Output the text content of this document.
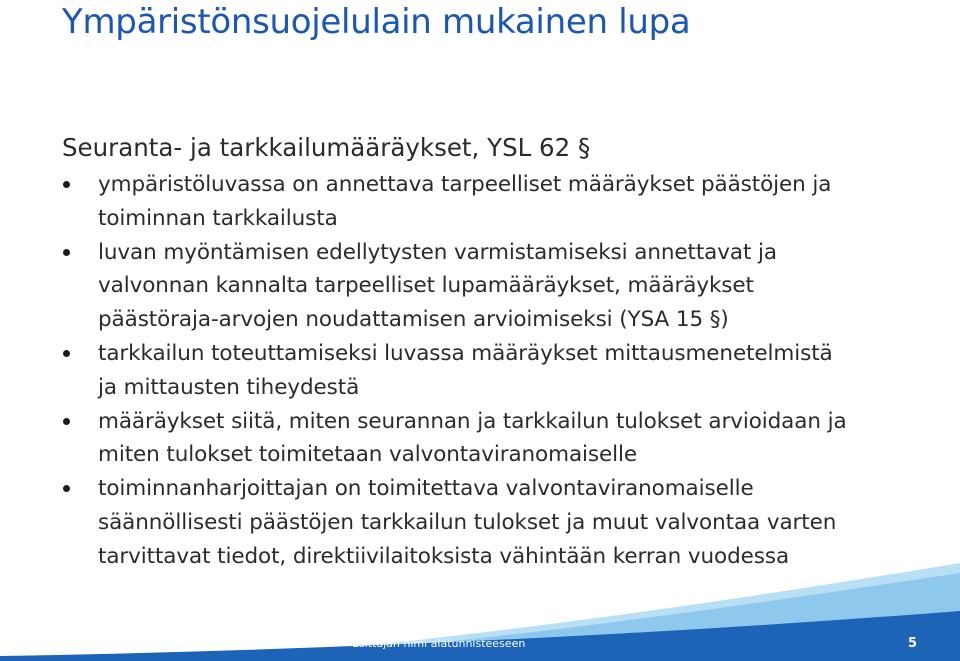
Ympäristönsuojelulain mukainen lupa
Seuranta- ja tarkkailumääräykset, YSL 62 §
ympäristöluvassa on annettava tarpeelliset määräykset päästöjen ja
toiminnan tarkkailusta
luvan myöntämisen edellytysten varmistamiseksi annettavat ja
valvonnan kannalta tarpeelliset lupamääräykset, määräykset
päästöraja-arvojen noudattamisen arvioimiseksi (YSA 15 §)
tarkkailun toteuttamiseksi luvassa määräykset mittausmenetelmistä
ja mittausten tiheydestä
määräykset siitä, miten seurannan ja tarkkailun tulokset arvioidaan ja
miten tulokset toimitetaan valvontaviranomaiselle
toiminnanharjoittajan on toimitettava valvontaviranomaiselle
säännöllisesti päästöjen tarkkailun tulokset ja muut valvontaa varten
tarvittavat tiedot, direktiivilaitoksista vähintään kerran vuodessa
Esittäjän nimi alatunnisteeseen	5
